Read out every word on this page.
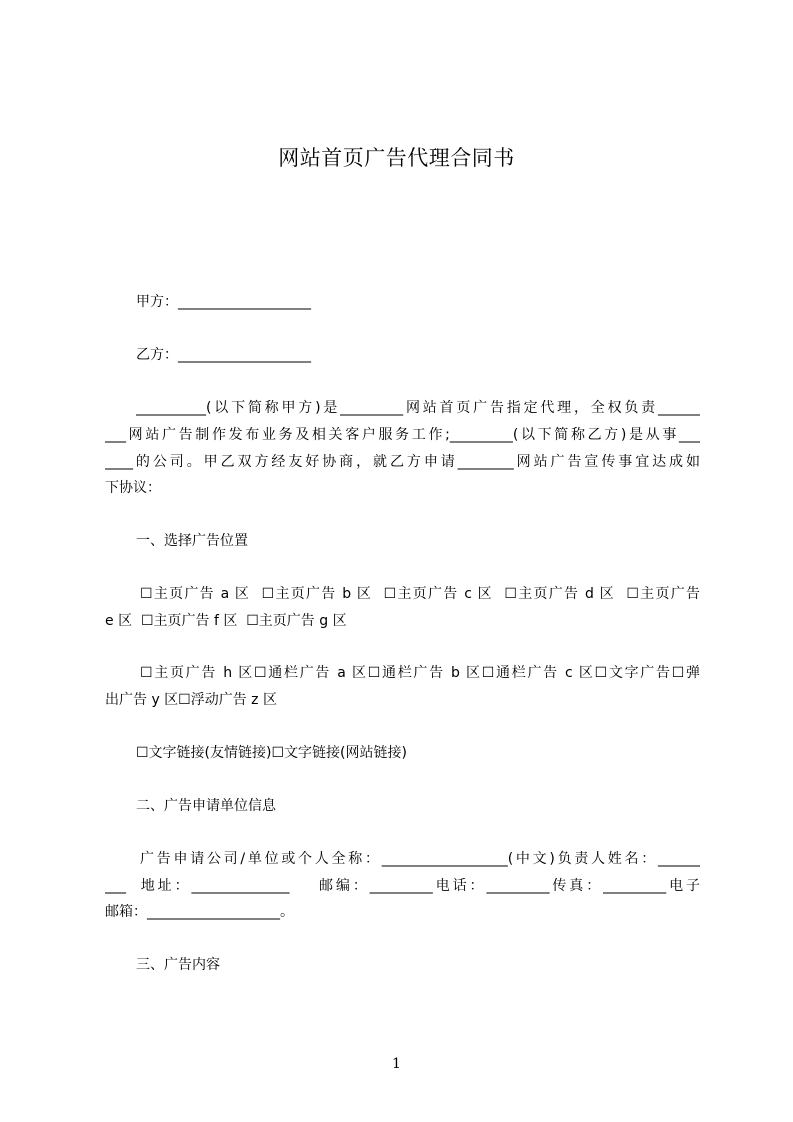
网站首页广告代理合同书
甲方：___________________
乙方：___________________
__________(以下简称甲方)是_________网站首页广告指定代理，全权负责______
___网站广告制作发布业务及相关客户服务工作;_________(以下简称乙方)是从事___
____的公司。甲乙双方经友好协商，就乙方申请________网站广告宣传事宜达成如
下协议：
一、选择广告位置
☐主页广告 a 区  ☐主页广告 b 区  ☐主页广告 c 区  ☐主页广告 d 区  ☐主页广告
e 区  ☐主页广告 f 区  ☐主页广告 g 区
☐主页广告 h 区☐通栏广告 a 区☐通栏广告 b 区☐通栏广告 c 区☐文字广告☐弹
出广告 y 区☐浮动广告 z 区
☐文字链接(友情链接)☐文字链接(网站链接)
二、广告申请单位信息
广告申请公司/单位或个人全称：__________________(中文)负责人姓名：______
___  地址：______________    邮编：_________电话：_________传真：_________电子
邮箱：___________________。
三、广告内容
1
